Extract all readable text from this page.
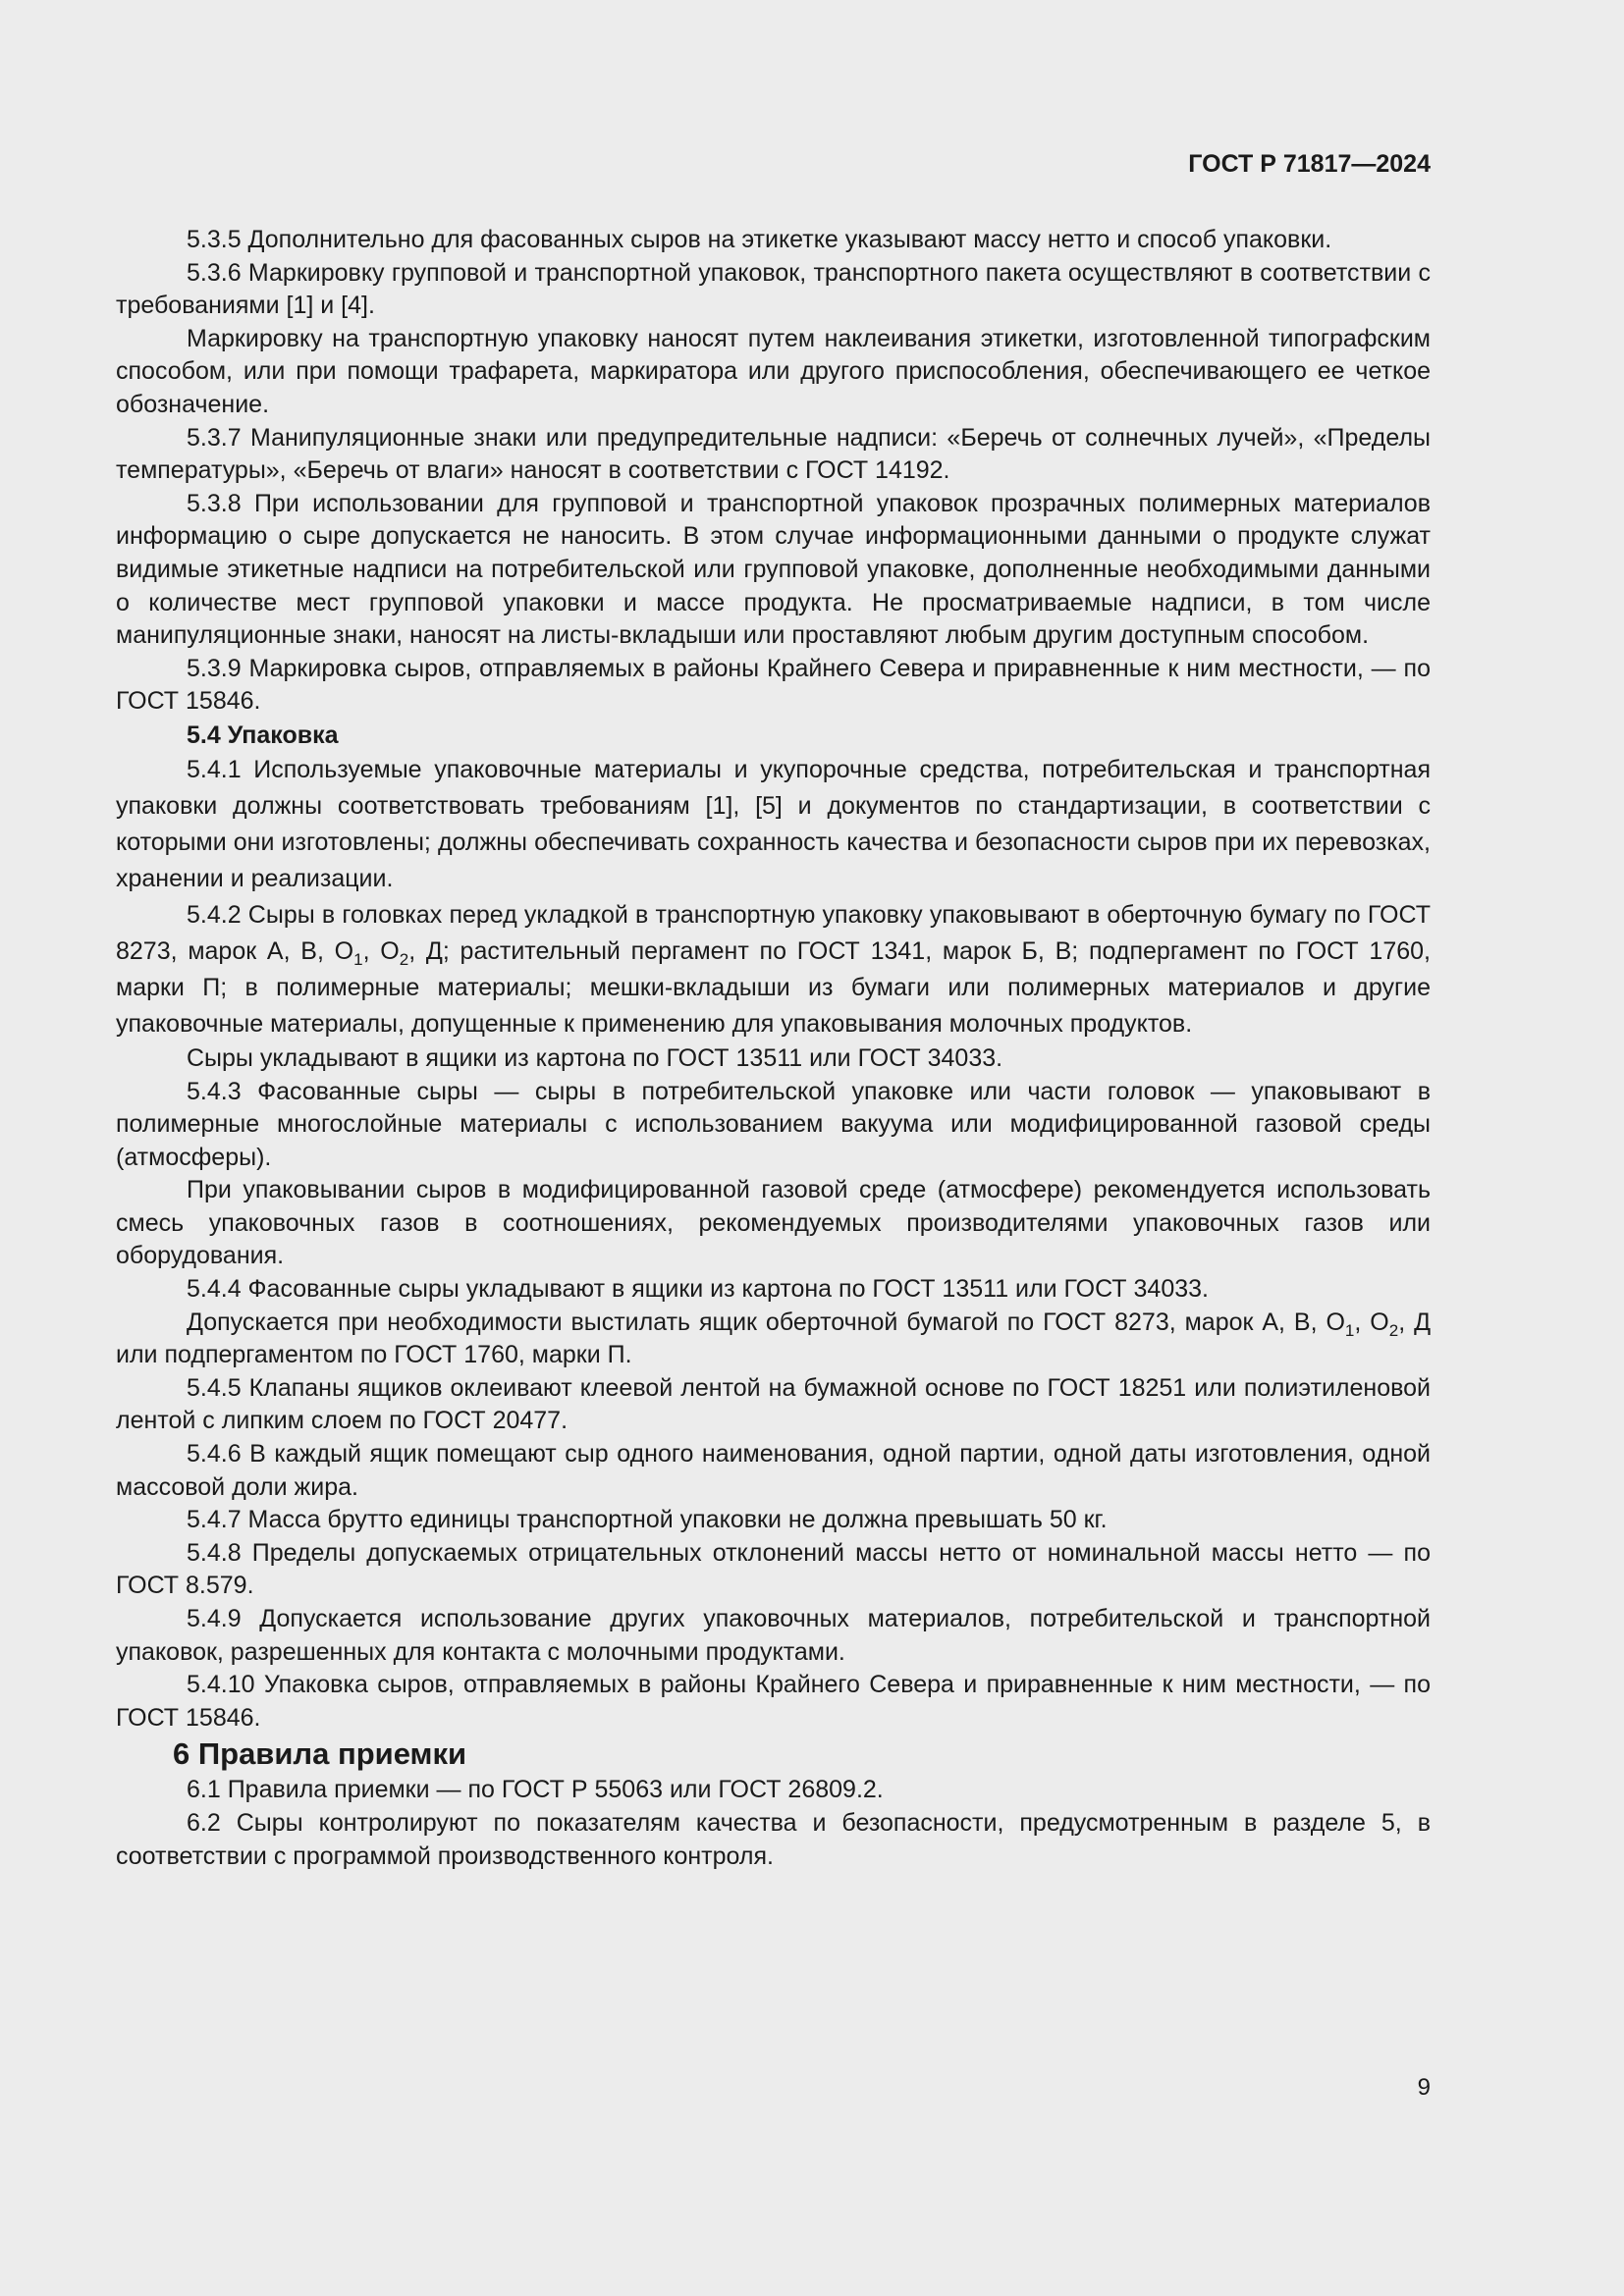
ГОСТ Р 71817—2024

5.3.5 Дополнительно для фасованных сыров на этикетке указывают массу нетто и способ упаковки.

5.3.6 Маркировку групповой и транспортной упаковок, транспортного пакета осуществляют в соответствии с требованиями [1] и [4].

Маркировку на транспортную упаковку наносят путем наклеивания этикетки, изготовленной типографским способом, или при помощи трафарета, маркиратора или другого приспособления, обеспечивающего ее четкое обозначение.

5.3.7 Манипуляционные знаки или предупредительные надписи: «Беречь от солнечных лучей», «Пределы температуры», «Беречь от влаги» наносят в соответствии с ГОСТ 14192.

5.3.8 При использовании для групповой и транспортной упаковок прозрачных полимерных материалов информацию о сыре допускается не наносить. В этом случае информационными данными о продукте служат видимые этикетные надписи на потребительской или групповой упаковке, дополненные необходимыми данными о количестве мест групповой упаковки и массе продукта. Не просматриваемые надписи, в том числе манипуляционные знаки, наносят на листы-вкладыши или проставляют любым другим доступным способом.

5.3.9 Маркировка сыров, отправляемых в районы Крайнего Севера и приравненные к ним местности, — по ГОСТ 15846.

5.4 Упаковка

5.4.1 Используемые упаковочные материалы и укупорочные средства, потребительская и транспортная упаковки должны соответствовать требованиям [1], [5] и документов по стандартизации, в соответствии с которыми они изготовлены; должны обеспечивать сохранность качества и безопасности сыров при их перевозках, хранении и реализации.

5.4.2 Сыры в головках перед укладкой в транспортную упаковку упаковывают в оберточную бумагу по ГОСТ 8273, марок А, В, $О_1$, $О_2$, Д; растительный пергамент по ГОСТ 1341, марок Б, В; подпергамент по ГОСТ 1760, марки П; в полимерные материалы; мешки-вкладыши из бумаги или полимерных материалов и другие упаковочные материалы, допущенные к применению для упаковывания молочных продуктов.

Сыры укладывают в ящики из картона по ГОСТ 13511 или ГОСТ 34033.

5.4.3 Фасованные сыры — сыры в потребительской упаковке или части головок — упаковывают в полимерные многослойные материалы с использованием вакуума или модифицированной газовой среды (атмосферы).

При упаковывании сыров в модифицированной газовой среде (атмосфере) рекомендуется использовать смесь упаковочных газов в соотношениях, рекомендуемых производителями упаковочных газов или оборудования.

5.4.4 Фасованные сыры укладывают в ящики из картона по ГОСТ 13511 или ГОСТ 34033.

Допускается при необходимости выстилать ящик оберточной бумагой по ГОСТ 8273, марок А, В, $О_1$, $О_2$, Д или подпергаментом по ГОСТ 1760, марки П.

5.4.5 Клапаны ящиков оклеивают клеевой лентой на бумажной основе по ГОСТ 18251 или полиэтиленовой лентой с липким слоем по ГОСТ 20477.

5.4.6 В каждый ящик помещают сыр одного наименования, одной партии, одной даты изготовления, одной массовой доли жира.

5.4.7 Масса брутто единицы транспортной упаковки не должна превышать 50 кг.

5.4.8 Пределы допускаемых отрицательных отклонений массы нетто от номинальной массы нетто — по ГОСТ 8.579.

5.4.9 Допускается использование других упаковочных материалов, потребительской и транспортной упаковок, разрешенных для контакта с молочными продуктами.

5.4.10 Упаковка сыров, отправляемых в районы Крайнего Севера и приравненные к ним местности, — по ГОСТ 15846.

6 Правила приемки

6.1 Правила приемки — по ГОСТ Р 55063 или ГОСТ 26809.2.

6.2 Сыры контролируют по показателям качества и безопасности, предусмотренным в разделе 5, в соответствии с программой производственного контроля.

9
